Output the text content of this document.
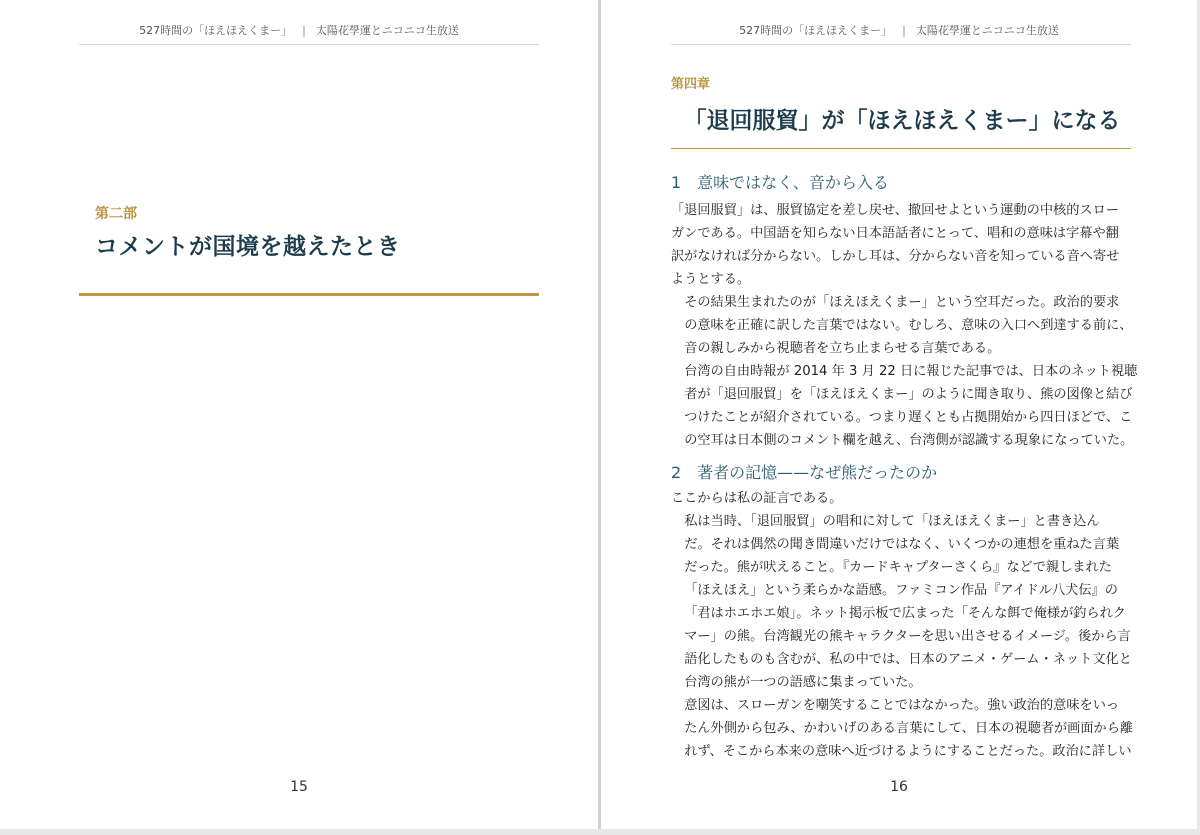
527時間の「ほえほえくまー」 | 太陽花學運とニコニコ生放送
第二部
コメントが国境を越えたとき
15
527時間の「ほえほえくまー」 | 太陽花學運とニコニコ生放送
第四章
「退回服貿」が「ほえほえくまー」になる
1　意味ではなく、音から入る

「退回服貿」は、服貿協定を差し戻せ、撤回せよという運動の中核的スロー
ガンである。中国語を知らない日本語話者にとって、唱和の意味は字幕や翻
訳がなければ分からない。しかし耳は、分からない音を知っている音へ寄せ
ようとする。

その結果生まれたのが「ほえほえくまー」という空耳だった。政治的要求
の意味を正確に訳した言葉ではない。むしろ、意味の入口へ到達する前に、
音の親しみから視聴者を立ち止まらせる言葉である。

台湾の自由時報が 2014 年 3 月 22 日に報じた記事では、日本のネット視聴
者が「退回服貿」を「ほえほえくまー」のように聞き取り、熊の図像と結び
つけたことが紹介されている。つまり遅くとも占拠開始から四日ほどで、こ
の空耳は日本側のコメント欄を越え、台湾側が認識する現象になっていた。

2　著者の記憶——なぜ熊だったのか

ここからは私の証言である。

私は当時、「退回服貿」の唱和に対して「ほえほえくまー」と書き込ん
だ。それは偶然の聞き間違いだけではなく、いくつかの連想を重ねた言葉
だった。熊が吠えること。『カードキャプターさくら』などで親しまれた
「ほえほえ」という柔らかな語感。ファミコン作品『アイドル八犬伝』の
「君はホエホエ娘」。ネット掲示板で広まった「そんな餌で俺様が釣られク
マー」の熊。台湾観光の熊キャラクターを思い出させるイメージ。後から言
語化したものも含むが、私の中では、日本のアニメ・ゲーム・ネット文化と
台湾の熊が一つの語感に集まっていた。

意図は、スローガンを嘲笑することではなかった。強い政治的意味をいっ
たん外側から包み、かわいげのある言葉にして、日本の視聴者が画面から離
れず、そこから本来の意味へ近づけるようにすることだった。政治に詳しい

16
